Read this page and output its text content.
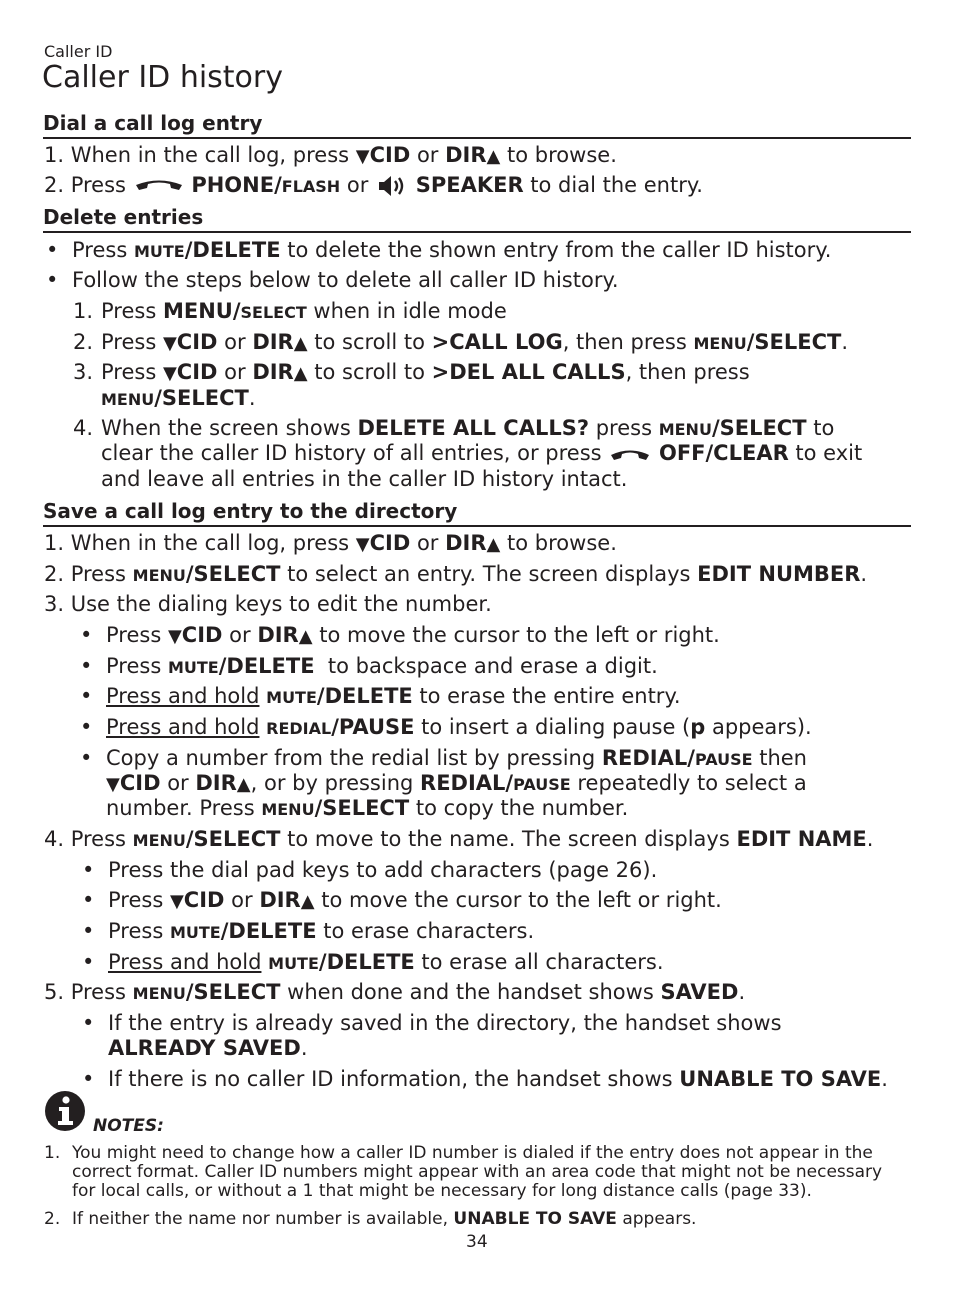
Caller ID
Caller ID history
Dial a call log entry
1. When in the call log, press ▼CID or DIR▲ to browse.
2. Press	PHONE/FLASH or  SPEAKER to dial the entry.
Delete entries
• Press MUTE/DELETE to delete the shown entry from the caller ID history.
• Follow the steps below to delete all caller ID history.
1. Press MENU/SELECT when in idle mode
2. Press ▼CID or DIR▲ to scroll to >CALL LOG, then press MENU/SELECT.
3. Press ▼CID or DIR▲ to scroll to >DEL ALL CALLS, then press
MENU/SELECT.
4. When the screen shows DELETE ALL CALLS? press MENU/SELECT to
clear the caller ID history of all entries, or press  OFF/CLEAR to exit
and leave all entries in the caller ID history intact.
Save a call log entry to the directory
1. When in the call log, press ▼CID or DIR▲ to browse.
2. Press MENU/SELECT to select an entry. The screen displays EDIT NUMBER.
3. Use the dialing keys to edit the number.
• Press ▼CID or DIR▲ to move the cursor to the left or right.
• Press MUTE/DELETE  to backspace and erase a digit.
• Press and hold MUTE/DELETE to erase the entire entry.
• Press and hold REDIAL/PAUSE to insert a dialing pause (p appears).
• Copy a number from the redial list by pressing REDIAL/PAUSE then
▼CID or DIR▲, or by pressing REDIAL/PAUSE repeatedly to select a
number. Press MENU/SELECT to copy the number.
4. Press MENU/SELECT to move to the name. The screen displays EDIT NAME.
• Press the dial pad keys to add characters (page 26).
• Press ▼CID or DIR▲ to move the cursor to the left or right.
• Press MUTE/DELETE to erase characters.
• Press and hold MUTE/DELETE to erase all characters.
5. Press MENU/SELECT when done and the handset shows SAVED.
• If the entry is already saved in the directory, the handset shows
ALREADY SAVED.
• If there is no caller ID information, the handset shows UNABLE TO SAVE.
NOTES:
1. You might need to change how a caller ID number is dialed if the entry does not appear in the
correct format. Caller ID numbers might appear with an area code that might not be necessary
for local calls, or without a 1 that might be necessary for long distance calls (page 33).
2. If neither the name nor number is available, UNABLE TO SAVE appears.
34
